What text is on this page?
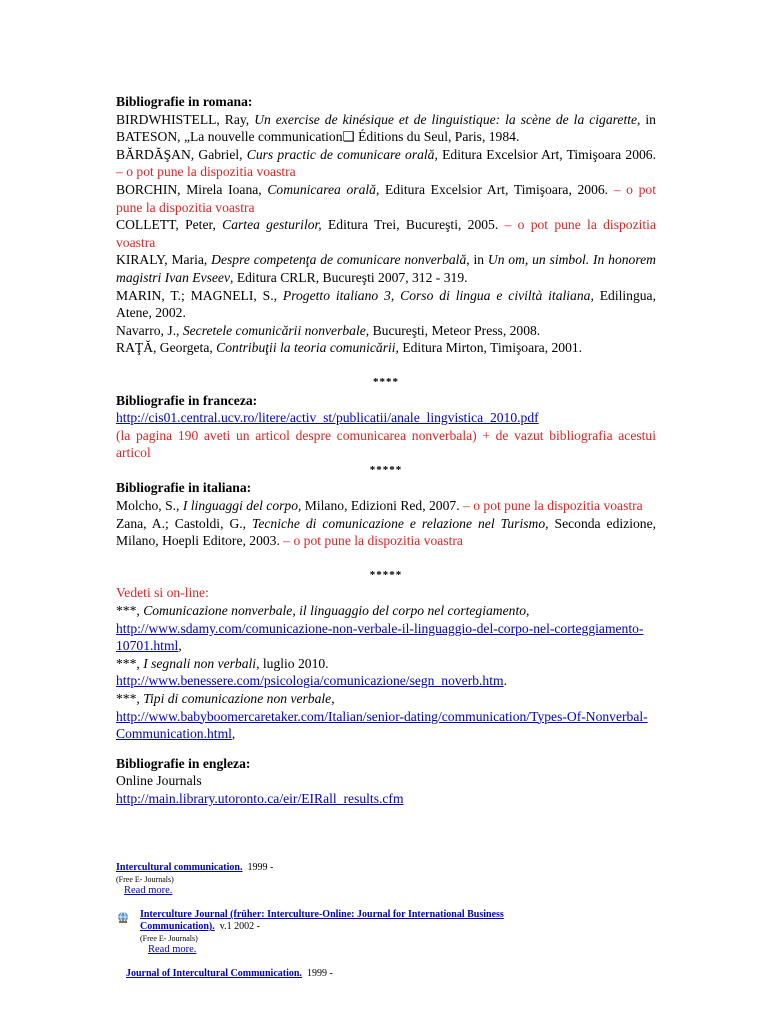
Bibliografie in romana:

BIRDWHISTELL, Ray, Un exercise de kinésique et de linguistique: la scène de la cigarette, in BATESON, „La nouvelle communication❑ Éditions du Seul, Paris, 1984.

BĂRDĂŞAN, Gabriel, Curs practic de comunicare orală, Editura Excelsior Art, Timişoara 2006. – o pot pune la dispozitia voastra

BORCHIN, Mirela Ioana, Comunicarea orală, Editura Excelsior Art, Timişoara, 2006. – o pot pune la dispozitia voastra

COLLETT, Peter, Cartea gesturilor, Editura Trei, Bucureşti, 2005. – o pot pune la dispozitia voastra

KIRALY, Maria, Despre competenţa de comunicare nonverbală, in Un om, un simbol. In honorem magistri Ivan Evseev, Editura CRLR, Bucureşti 2007, 312 - 319.

MARIN, T.; MAGNELI, S., Progetto italiano 3, Corso di lingua e civiltà italiana, Edilingua, Atene, 2002.

Navarro, J., Secretele comunicării nonverbale, Bucureşti, Meteor Press, 2008.

RAŢĂ, Georgeta, Contribuţii la teoria comunicării, Editura Mirton, Timişoara, 2001.

****

Bibliografie in franceza:

http://cis01.central.ucv.ro/litere/activ_st/publicatii/anale_lingvistica_2010.pdf

(la pagina 190 aveti un articol despre comunicarea nonverbala) + de vazut bibliografia acestui articol

*****

Bibliografie in italiana:

Molcho, S., I linguaggi del corpo, Milano, Edizioni Red, 2007. – o pot pune la dispozitia voastra

Zana, A.; Castoldi, G., Tecniche di comunicazione e relazione nel Turismo, Seconda edizione, Milano, Hoepli Editore, 2003. – o pot pune la dispozitia voastra

*****

Vedeti si on-line:

***, Comunicazione nonverbale, il linguaggio del corpo nel cortegiamento,
http://www.sdamy.com/comunicazione-non-verbale-il-linguaggio-del-corpo-nel-corteggiamento-10701.html,

***, I segnali non verbali, luglio 2010.
http://www.benessere.com/psicologia/comunicazione/segn_noverb.htm.

***, Tipi di comunicazione non verbale,
http://www.babyboomercaretaker.com/Italian/senior-dating/communication/Types-Of-Nonverbal-Communication.html,

Bibliografie in engleza:

Online Journals

http://main.library.utoronto.ca/eir/EIRall_results.cfm

Intercultural communication. 1999 -
(Free E- Journals)
Read more.
Interculture Journal (früher: Interculture-Online: Journal for International Business Communication). v.1 2002 -
(Free E- Journals)
Read more.
Journal of Intercultural Communication. 1999 -
